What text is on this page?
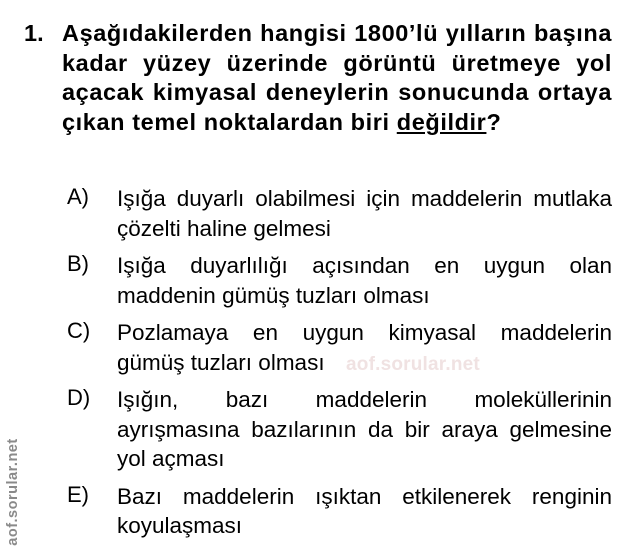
1. Aşağıdakilerden hangisi 1800’lü yılların başına kadar yüzey üzerinde görüntü üretmeye yol açacak kimyasal deneylerin sonucunda ortaya çıkan temel noktalardan biri değildir?
A) Işığa duyarlı olabilmesi için maddelerin mutlaka çözelti haline gelmesi
B) Işığa duyarlılığı açısından en uygun olan maddenin gümüş tuzları olması
C) Pozlamaya en uygun kimyasal maddelerin gümüş tuzları olması
D) Işığın, bazı maddelerin moleküllerinin ayrışmasına bazılarının da bir araya gelmesine yol açması
E) Bazı maddelerin ışıktan etkilenerek renginin koyulaşması
aof.sorular.net
aof.sorular.net
